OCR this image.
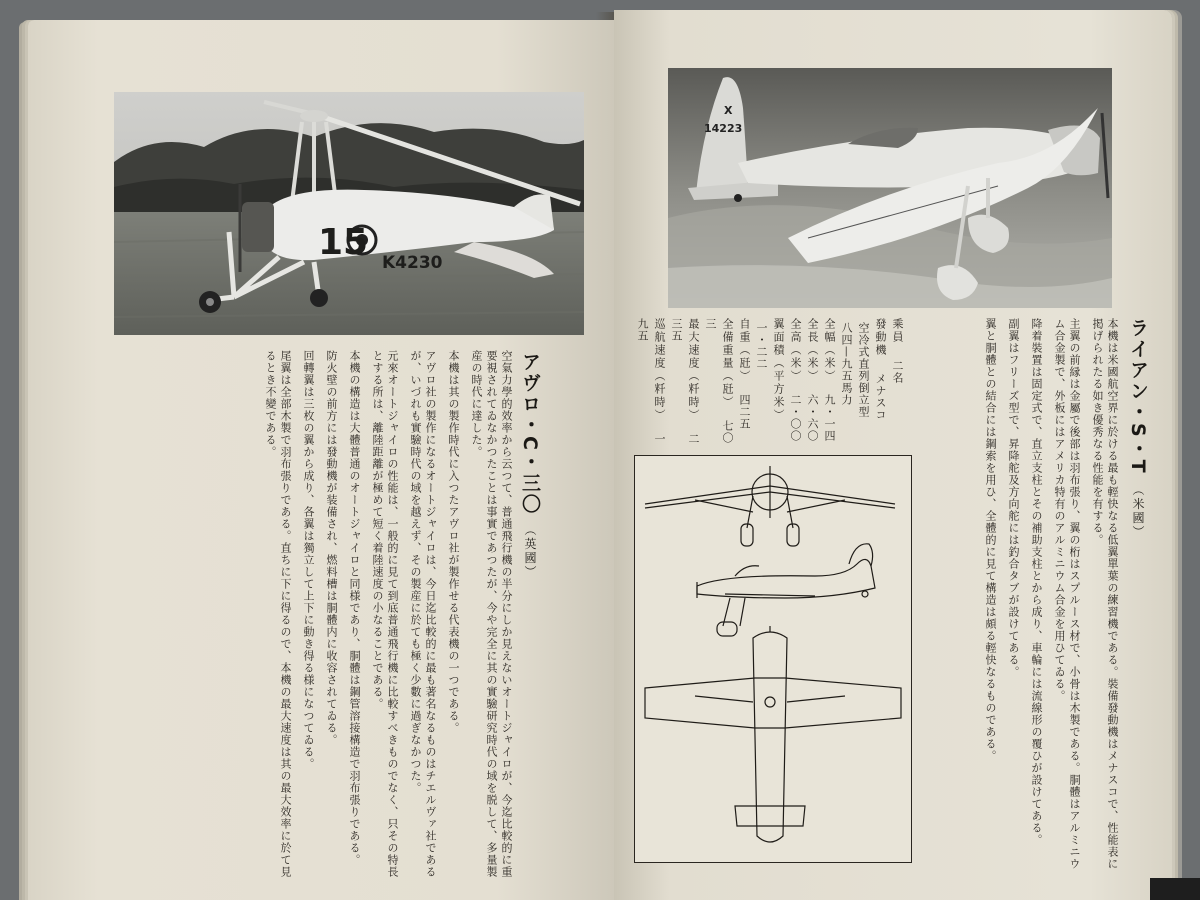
15 K4230
アヴロ・C・三〇 （英國）

空氣力學的效率から云つて、普通飛行機の半分にしか見えないオートジャイロが、今迄比較的に重要視されてゐなかつたことは事實であつたが、今や完全に其の實驗研究時代の域を脱して、多量製産の時代に達した。

本機は其の製作時代に入つたアヴロ社が製作せる代表機の一つである。

アヴロ社の製作になるオートジャイロは、今日迄比較的に最も著名なるものはチエルヴァ社であるが、いづれも實驗時代の域を越えず、その製産に於ても極く少數に過ぎなかつた。

元來オートジャイロの性能は、一般的に見て到底普通飛行機に比較すべきものでなく、只その特長とする所は、離陸距離が極めて短く着陸速度の小なることである。

本機の構造は大體普通のオートジャイロと同様であり、胴體は鋼管溶接構造で羽布張りである。

防火壁の前方には發動機が装備され、燃料槽は胴體内に收容されてゐる。

回轉翼は三枚の翼から成り、各翼は獨立して上下に動き得る様になつてゐる。

尾翼は全部木製で羽布張りである。直ちに下に得るので、本機の最大速度は其の最大效率に於て見るとき不變である。

X
14223
ライアン・S・T （米國）

本機は米國航空界に於ける最も輕快なる低翼單葉の練習機である。裝備發動機はメナスコで、性能表に掲げられたる如き優秀なる性能を有する。

主翼の前縁は金屬で後部は羽布張り、翼の桁はスプルース材で、小骨は木製である。胴體はアルミニウム合金製で、外板にはアメリカ特有のアルミニウム合金を用ひてゐる。

降着裝置は固定式で、直立支柱とその補助支柱とから成り、車輪には流線形の覆ひが設けてある。

副翼はフリーズ型で、昇降舵及方向舵には釣合タブが設けてある。

翼と胴體との結合には鋼索を用ひ、全體的に見て構造は頗る輕快なるものである。

乘員　二名
發動機　メナスコ
空冷式直列倒立型
八四—九五馬力
全幅（米）　九・一四
全長（米）　六・六〇
全高（米）　二・〇〇
翼面積（平方米）　一・二二
自重（瓩）　四二五
全備重量（瓩）　七〇三
最大速度（粁時）　二三五
巡航速度（粁時）　一九五
